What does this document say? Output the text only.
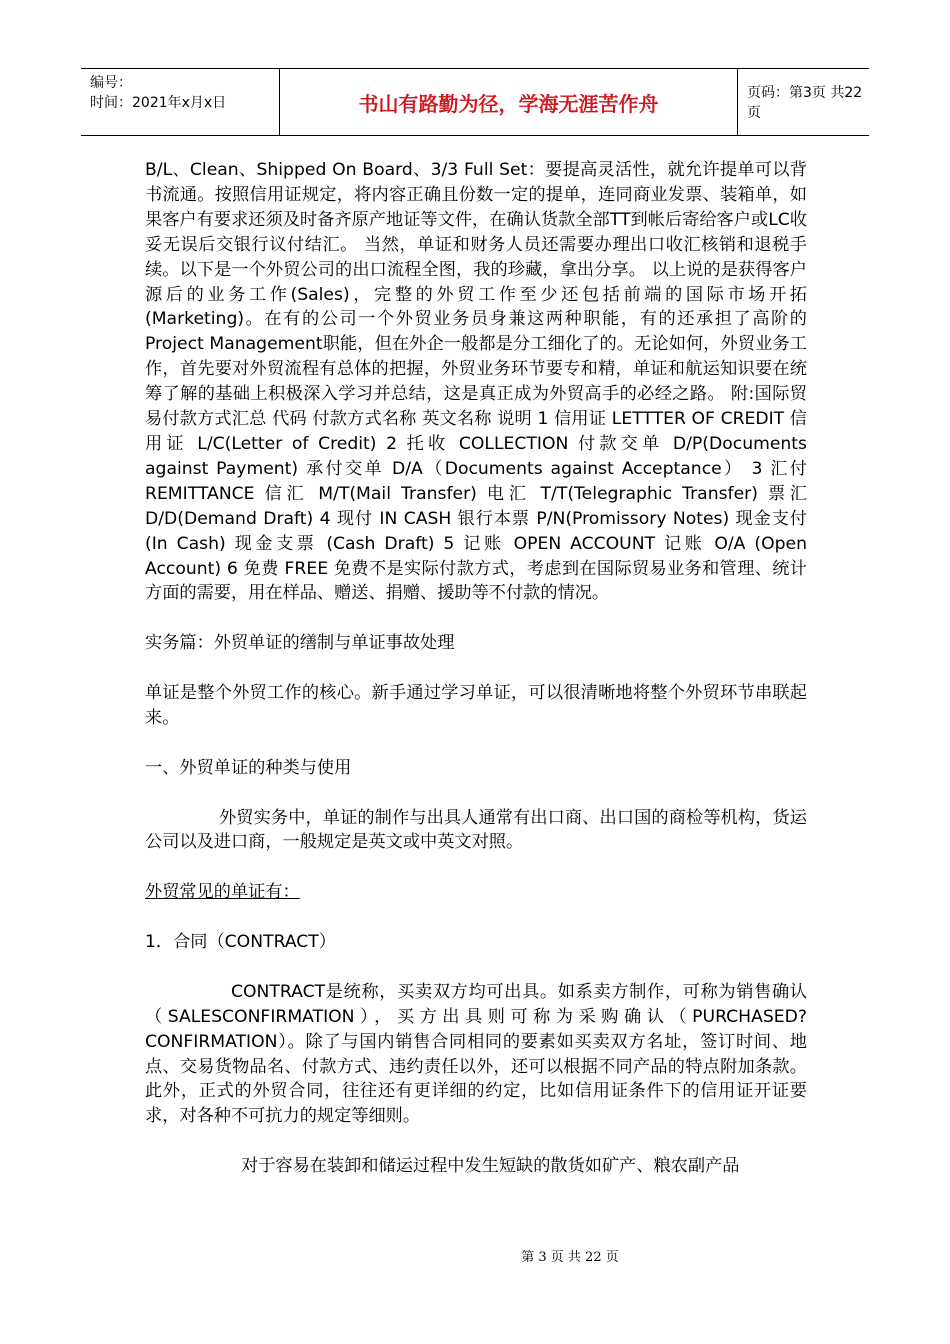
编号：
时间：2021年x月x日	书山有路勤为径，学海无涯苦作舟	页码：第3页 共22页

B/L、Clean、Shipped On Board、3/3 Full Set：要提高灵活性，就允许提单可以背书流通。按照信用证规定，将内容正确且份数一定的提单，连同商业发票、装箱单，如果客户有要求还须及时备齐原产地证等文件，在确认货款全部TT到帐后寄给客户或LC收妥无误后交银行议付结汇。 当然，单证和财务人员还需要办理出口收汇核销和退税手续。以下是一个外贸公司的出口流程全图，我的珍藏，拿出分享。 以上说的是获得客户源后的业务工作(Sales)，完整的外贸工作至少还包括前端的国际市场开拓(Marketing)。在有的公司一个外贸业务员身兼这两种职能，有的还承担了高阶的Project Management职能，但在外企一般都是分工细化了的。无论如何，外贸业务工作，首先要对外贸流程有总体的把握，外贸业务环节要专和精，单证和航运知识要在统筹了解的基础上积极深入学习并总结，这是真正成为外贸高手的必经之路。 附:国际贸易付款方式汇总 代码 付款方式名称 英文名称 说明 1 信用证 LETTTER OF CREDIT 信用证 L/C(Letter of Credit) 2 托收 COLLECTION 付款交单 D/P(Documents against Payment) 承付交单 D/A（Documents against Acceptance） 3 汇付 REMITTANCE 信汇 M/T(Mail Transfer) 电汇 T/T(Telegraphic Transfer) 票汇 D/D(Demand Draft) 4 现付 IN CASH 银行本票 P/N(Promissory Notes) 现金支付 (In Cash) 现金支票 (Cash Draft) 5 记账 OPEN ACCOUNT 记账 O/A (Open Account) 6 免费 FREE 免费不是实际付款方式，考虑到在国际贸易业务和管理、统计方面的需要，用在样品、赠送、捐赠、援助等不付款的情况。

实务篇：外贸单证的缮制与单证事故处理

单证是整个外贸工作的核心。新手通过学习单证，可以很清晰地将整个外贸环节串联起来。

一、外贸单证的种类与使用

外贸实务中，单证的制作与出具人通常有出口商、出口国的商检等机构，货运公司以及进口商，一般规定是英文或中英文对照。

外贸常见的单证有：

1．合同（CONTRACT）

CONTRACT是统称，买卖双方均可出具。如系卖方制作，可称为销售确认（SALESCONFIRMATION），买方出具则可称为采购确认（PURCHASED?CONFIRMATION）。除了与国内销售合同相同的要素如买卖双方名址，签订时间、地点、交易货物品名、付款方式、违约责任以外，还可以根据不同产品的特点附加条款。此外，正式的外贸合同，往往还有更详细的约定，比如信用证条件下的信用证开证要求，对各种不可抗力的规定等细则。

对于容易在装卸和储运过程中发生短缺的散货如矿产、粮农副产品

第 3 页 共 22 页
